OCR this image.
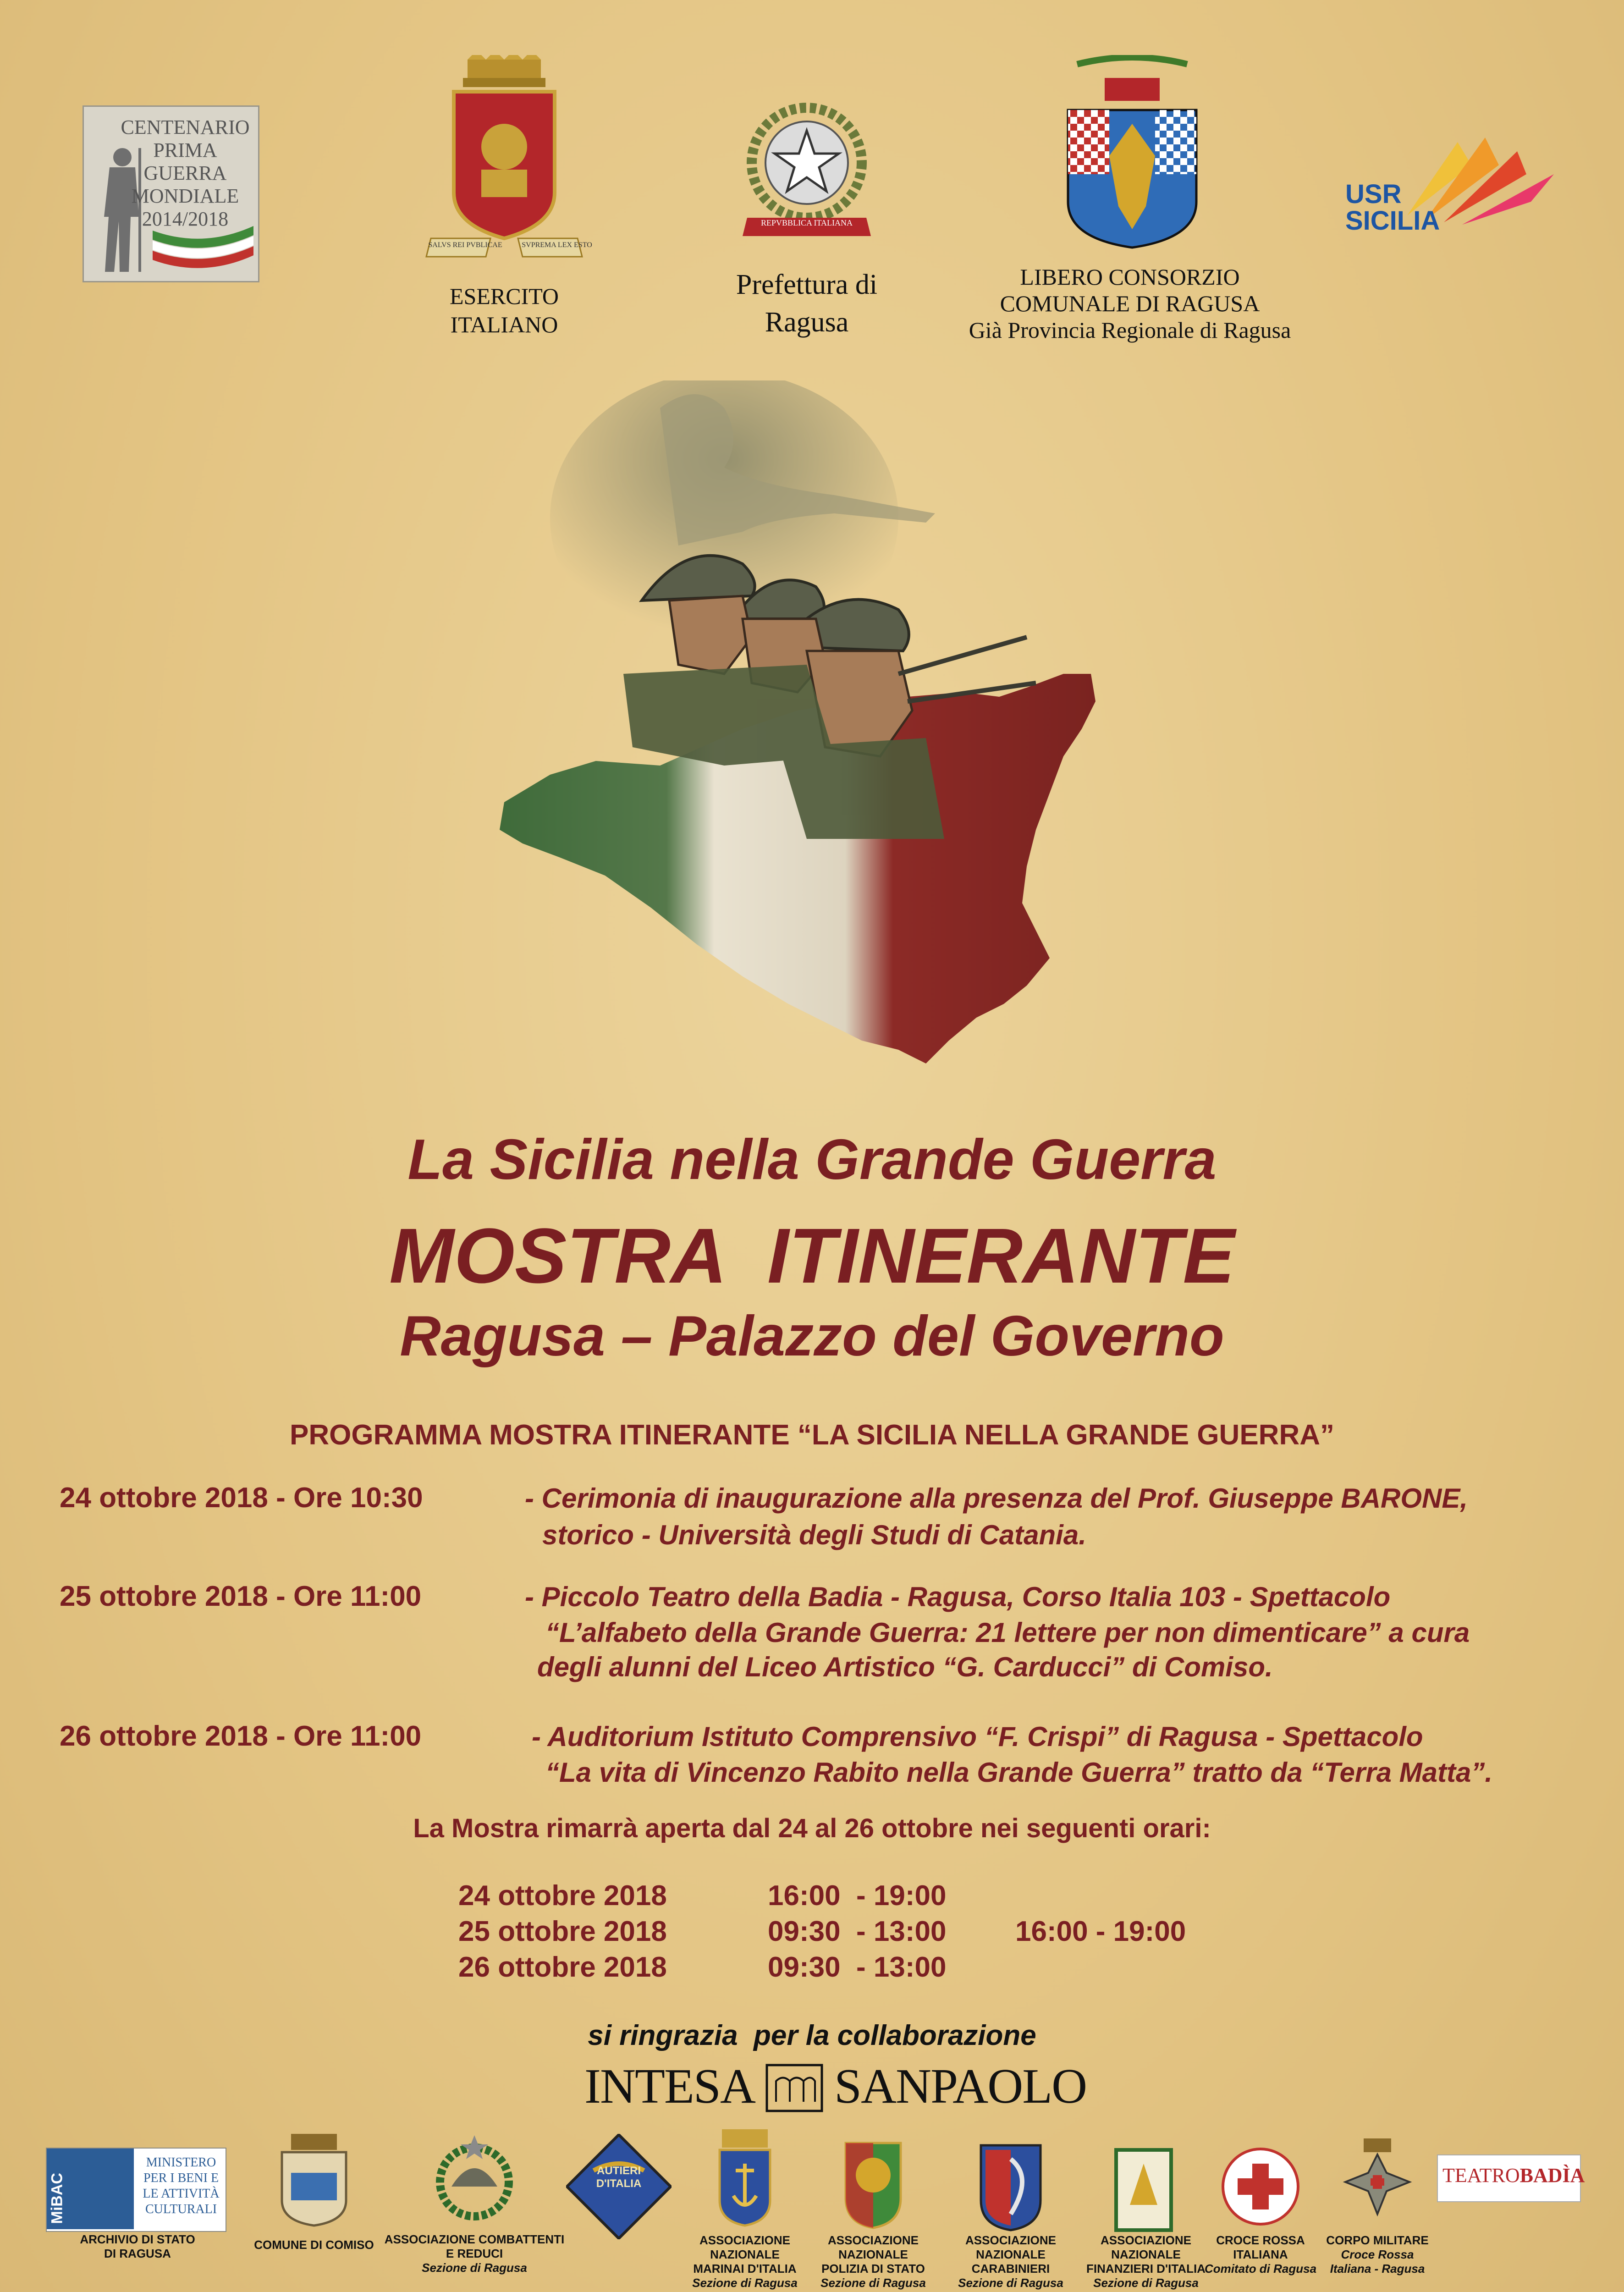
CENTENARIO
PRIMA GUERRA
MONDIALE
2014/2018
SALVS REI PVBLICAE	SVPREMA LEX ESTO
ESERCITO
ITALIANO
REPVBBLICA ITALIANA
Prefettura di
Ragusa
LIBERO CONSORZIO
COMUNALE DI RAGUSA
Già Provincia Regionale di Ragusa
USR
SICILIA
La Sicilia nella Grande Guerra
MOSTRA  ITINERANTE
Ragusa – Palazzo del Governo
PROGRAMMA MOSTRA ITINERANTE “LA SICILIA NELLA GRANDE GUERRA”
24 ottobre 2018 - Ore 10:30	- Cerimonia di inaugurazione alla presenza del Prof. Giuseppe BARONE,
storico - Università degli Studi di Catania.
25 ottobre 2018 - Ore 11:00	- Piccolo Teatro della Badia - Ragusa, Corso Italia 103 - Spettacolo
“L’alfabeto della Grande Guerra: 21 lettere per non dimenticare” a cura
degli alunni del Liceo Artistico “G. Carducci” di Comiso.
26 ottobre 2018 - Ore 11:00	- Auditorium Istituto Comprensivo “F. Crispi” di Ragusa - Spettacolo
“La vita di Vincenzo Rabito nella Grande Guerra” tratto da “Terra Matta”.
La Mostra rimarrà aperta dal 24 al 26 ottobre nei seguenti orari:
24 ottobre 2018	16:00  - 19:00
25 ottobre 2018	09:30  - 13:00 16:00 - 19:00
26 ottobre 2018	09:30  - 13:00
si ringrazia  per la collaborazione
INTESA SANPAOLO
MiBAC
MINISTERO
PER I BENI E
LE ATTIVITÀ
CULTURALI
ARCHIVIO DI STATO
DI RAGUSA
COMUNE DI COMISO ASSOCIAZIONE COMBATTENTI
E REDUCI
Sezione di Ragusa
AUTIERI D'ITALIA
ASSOCIAZIONE
NAZIONALE
MARINAI D'ITALIA
Sezione di Ragusa
ASSOCIAZIONE
NAZIONALE
POLIZIA DI STATO
Sezione di Ragusa
ASSOCIAZIONE
NAZIONALE
CARABINIERI
Sezione di Ragusa
ASSOCIAZIONE
NAZIONALE
FINANZIERI D'ITALIA
Sezione di Ragusa
CROCE ROSSA
ITALIANA
Comitato di Ragusa
CORPO MILITARE
Croce Rossa Italiana - Ragusa
TEATROBADÌA
